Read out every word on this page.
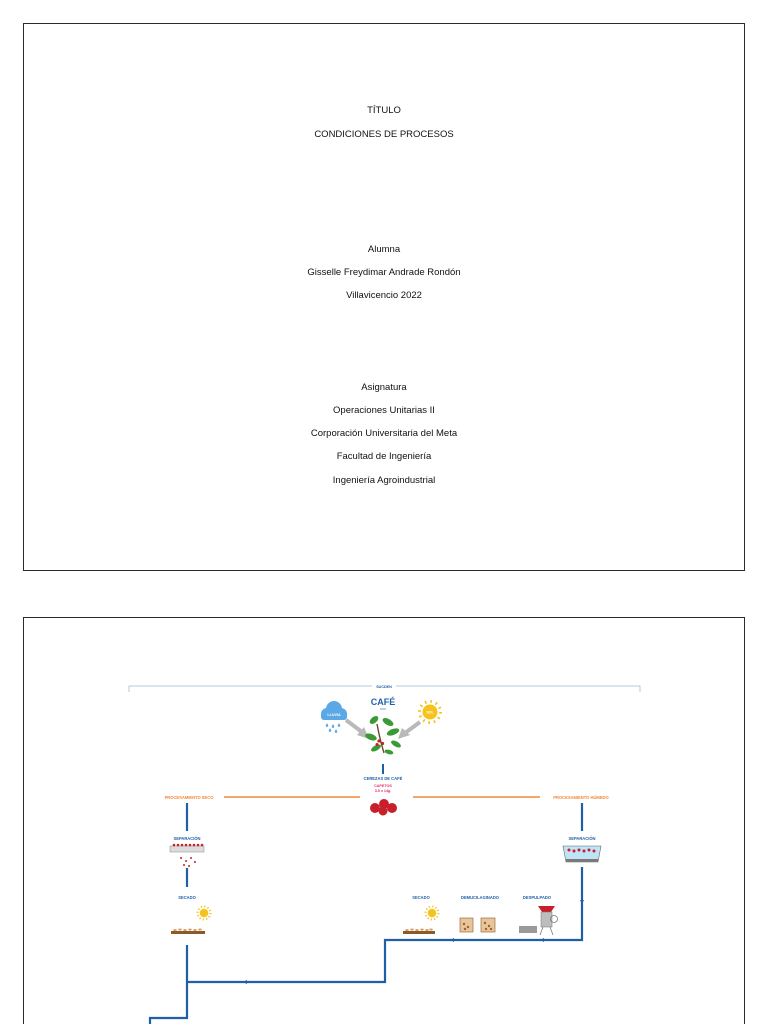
TÍTULO
CONDICIONES DE PROCESOS
Alumna
Gisselle Freydimar Andrade Rondón
Villavicencio 2022
Asignatura
Operaciones Unitarias II
Corporación Universitaria del Meta
Facultad de Ingeniería
Ingeniería Agroindustrial
SUCDEN
CAFÉ
LLUVIA
SOL
CEREZAS DE CAFÉ
CAPETOS
3.5 x 14g.
PROCESAMIENTO SECO	PROCESAMIENTO HÚMEDO
SEPARACIÓN
SECADO
SEPARACIÓN
DESPULPADO
DEMUCILAGINADO
SECADO
